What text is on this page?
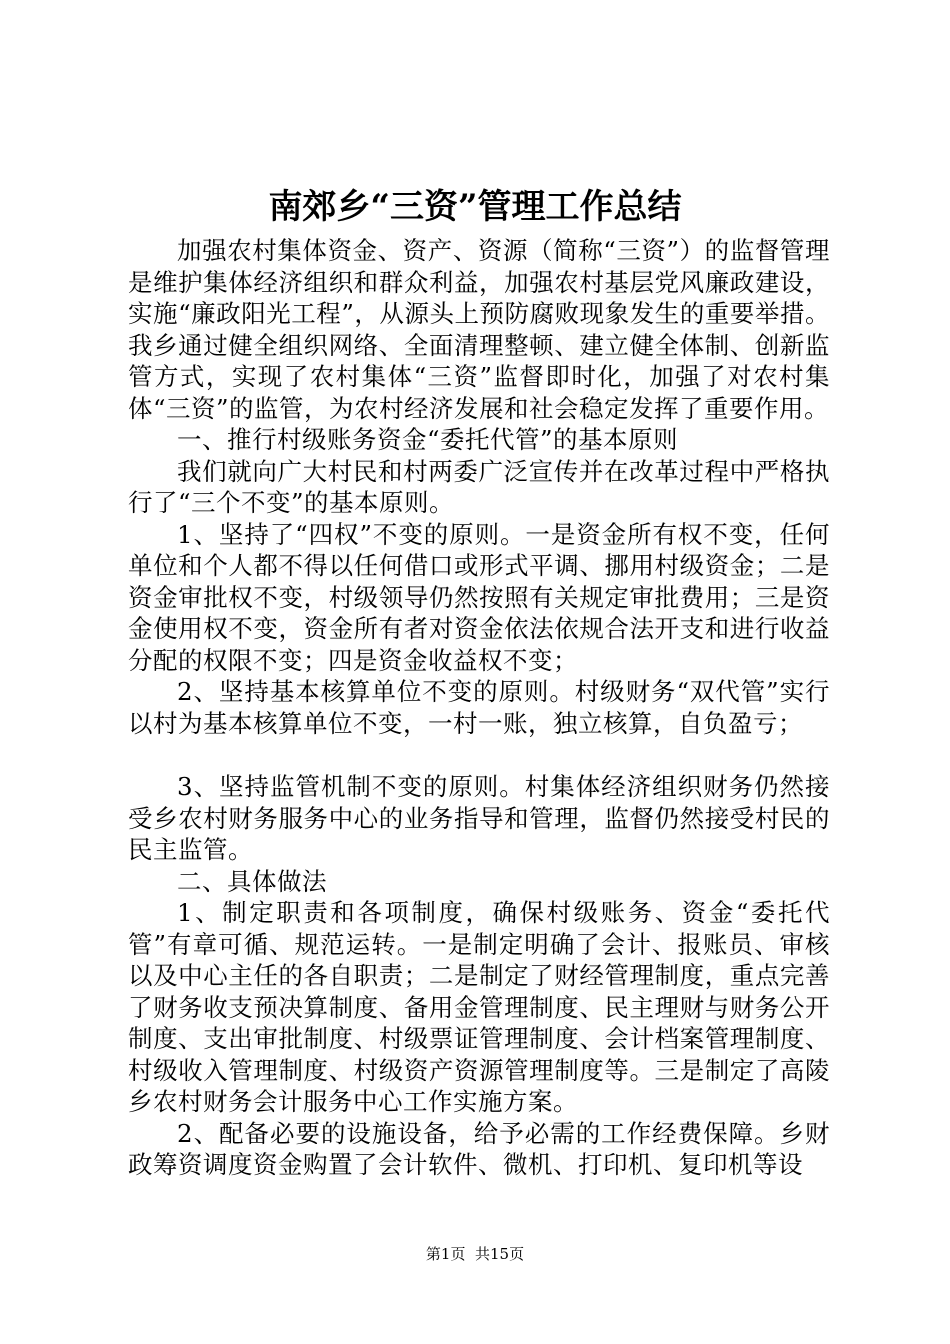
南郊乡“三资”管理工作总结

加强农村集体资金、资产、资源（简称“三资”）的监督管理是维护集体经济组织和群众利益，加强农村基层党风廉政建设，实施“廉政阳光工程”，从源头上预防腐败现象发生的重要举措。我乡通过健全组织网络、全面清理整顿、建立健全体制、创新监管方式，实现了农村集体“三资”监督即时化，加强了对农村集体“三资”的监管，为农村经济发展和社会稳定发挥了重要作用。

一、推行村级账务资金“委托代管”的基本原则

我们就向广大村民和村两委广泛宣传并在改革过程中严格执行了“三个不变”的基本原则。

1、坚持了“四权”不变的原则。一是资金所有权不变，任何单位和个人都不得以任何借口或形式平调、挪用村级资金；二是资金审批权不变，村级领导仍然按照有关规定审批费用；三是资金使用权不变，资金所有者对资金依法依规合法开支和进行收益分配的权限不变；四是资金收益权不变；

2、坚持基本核算单位不变的原则。村级财务“双代管”实行以村为基本核算单位不变，一村一账，独立核算，自负盈亏；

3、坚持监管机制不变的原则。村集体经济组织财务仍然接受乡农村财务服务中心的业务指导和管理，监督仍然接受村民的民主监管。

二、具体做法

1、制定职责和各项制度，确保村级账务、资金“委托代管”有章可循、规范运转。一是制定明确了会计、报账员、审核以及中心主任的各自职责；二是制定了财经管理制度，重点完善了财务收支预决算制度、备用金管理制度、民主理财与财务公开制度、支出审批制度、村级票证管理制度、会计档案管理制度、村级收入管理制度、村级资产资源管理制度等。三是制定了高陵乡农村财务会计服务中心工作实施方案。

2、配备必要的设施设备，给予必需的工作经费保障。乡财政筹资调度资金购置了会计软件、微机、打印机、复印机等设

第1页 共15页
